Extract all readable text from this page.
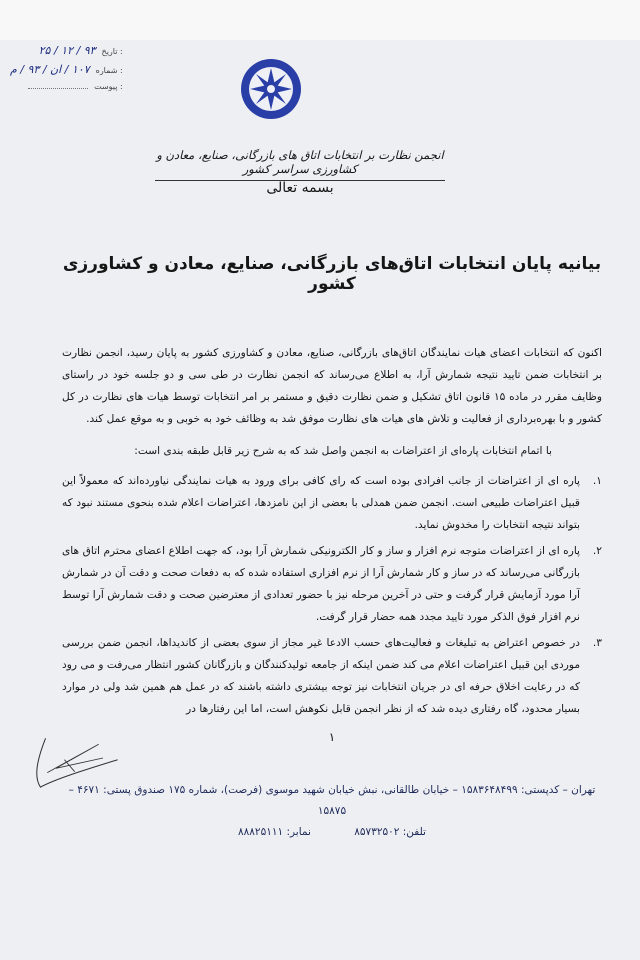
تاریخ :
۹۳ / ۱۲ / ۲۵
شماره :
۱۰۷ / ان / ۹۳ / م
پیوست :
انجمن نظارت بر انتخابات اتاق های بازرگانی، صنایع، معادن و کشاورزی سراسر کشور
بسمه تعالی
بیانیه پایان انتخابات اتاق‌های بازرگانی، صنایع، معادن و کشاورزی کشور
اکنون که انتخابات اعضای هیات نمایندگان اتاق‌های بازرگانی، صنایع، معادن و کشاورزی کشور به پایان رسید، انجمن نظارت بر انتخابات ضمن تایید نتیجه شمارش آرا، به اطلاع می‌رساند که انجمن نظارت در طی سی و دو جلسه خود در راستای وظایف مقرر در ماده ۱۵ قانون اتاق تشکیل و ضمن نظارت دقیق و مستمر بر امر انتخابات توسط هیات های نظارت در کل کشور و با بهره‌برداری از فعالیت و تلاش های هیات های نظارت موفق شد به وظائف خود به خوبی و به موقع عمل کند.
با اتمام انتخابات پاره‌ای از اعتراضات به انجمن واصل شد که به شرح زیر قابل طبقه بندی است:
۱.
پاره ای از اعتراضات از جانب افرادی بوده است که رای کافی برای ورود به هیات نمایندگی نیاورده‌اند که معمولاً این قبیل اعتراضات طبیعی است. انجمن ضمن همدلی با بعضی از این نامزدها، اعتراضات اعلام شده بنحوی مستند نبود که بتواند نتیجه انتخابات را مخدوش نماید.
۲.
پاره ای از اعتراضات متوجه نرم افزار و ساز و کار الکترونیکی شمارش آرا بود، که جهت اطلاع اعضای محترم اتاق های بازرگانی می‌رساند که در ساز و کار شمارش آرا از نرم افزاری استفاده شده که به دفعات صحت و دقت آن در شمارش آرا مورد آزمایش قرار گرفت و حتی در آخرین مرحله نیز با حضور تعدادی از معترضین صحت و دقت شمارش آرا توسط نرم افزار فوق الذکر مورد تایید مجدد همه حضار قرار گرفت.
۳.
در خصوص اعتراض به تبلیغات و فعالیت‌های حسب الادعا غیر مجاز از سوی بعضی از کاندیداها، انجمن ضمن بررسی موردی این قبیل اعتراضات اعلام می کند ضمن اینکه از جامعه تولیدکنندگان و بازرگانان کشور انتظار می‌رفت و می رود که در رعایت اخلاق حرفه ای در جریان انتخابات نیز توجه بیشتری داشته باشند که در عمل هم همین شد ولی در موارد بسیار محدود، گاه رفتاری دیده شد که از نظر انجمن قابل نکوهش است، اما این رفتارها در
۱
تهران – کدپستی: ۱۵۸۳۶۴۸۴۹۹ – خیابان طالقانی، نبش خیابان شهید موسوی (فرصت)، شماره ۱۷۵ صندوق پستی: ۴۶۷۱ – ۱۵۸۷۵
تلفن: ۸۵۷۳۲۵۰۲ نمابر: ۸۸۸۲۵۱۱۱
